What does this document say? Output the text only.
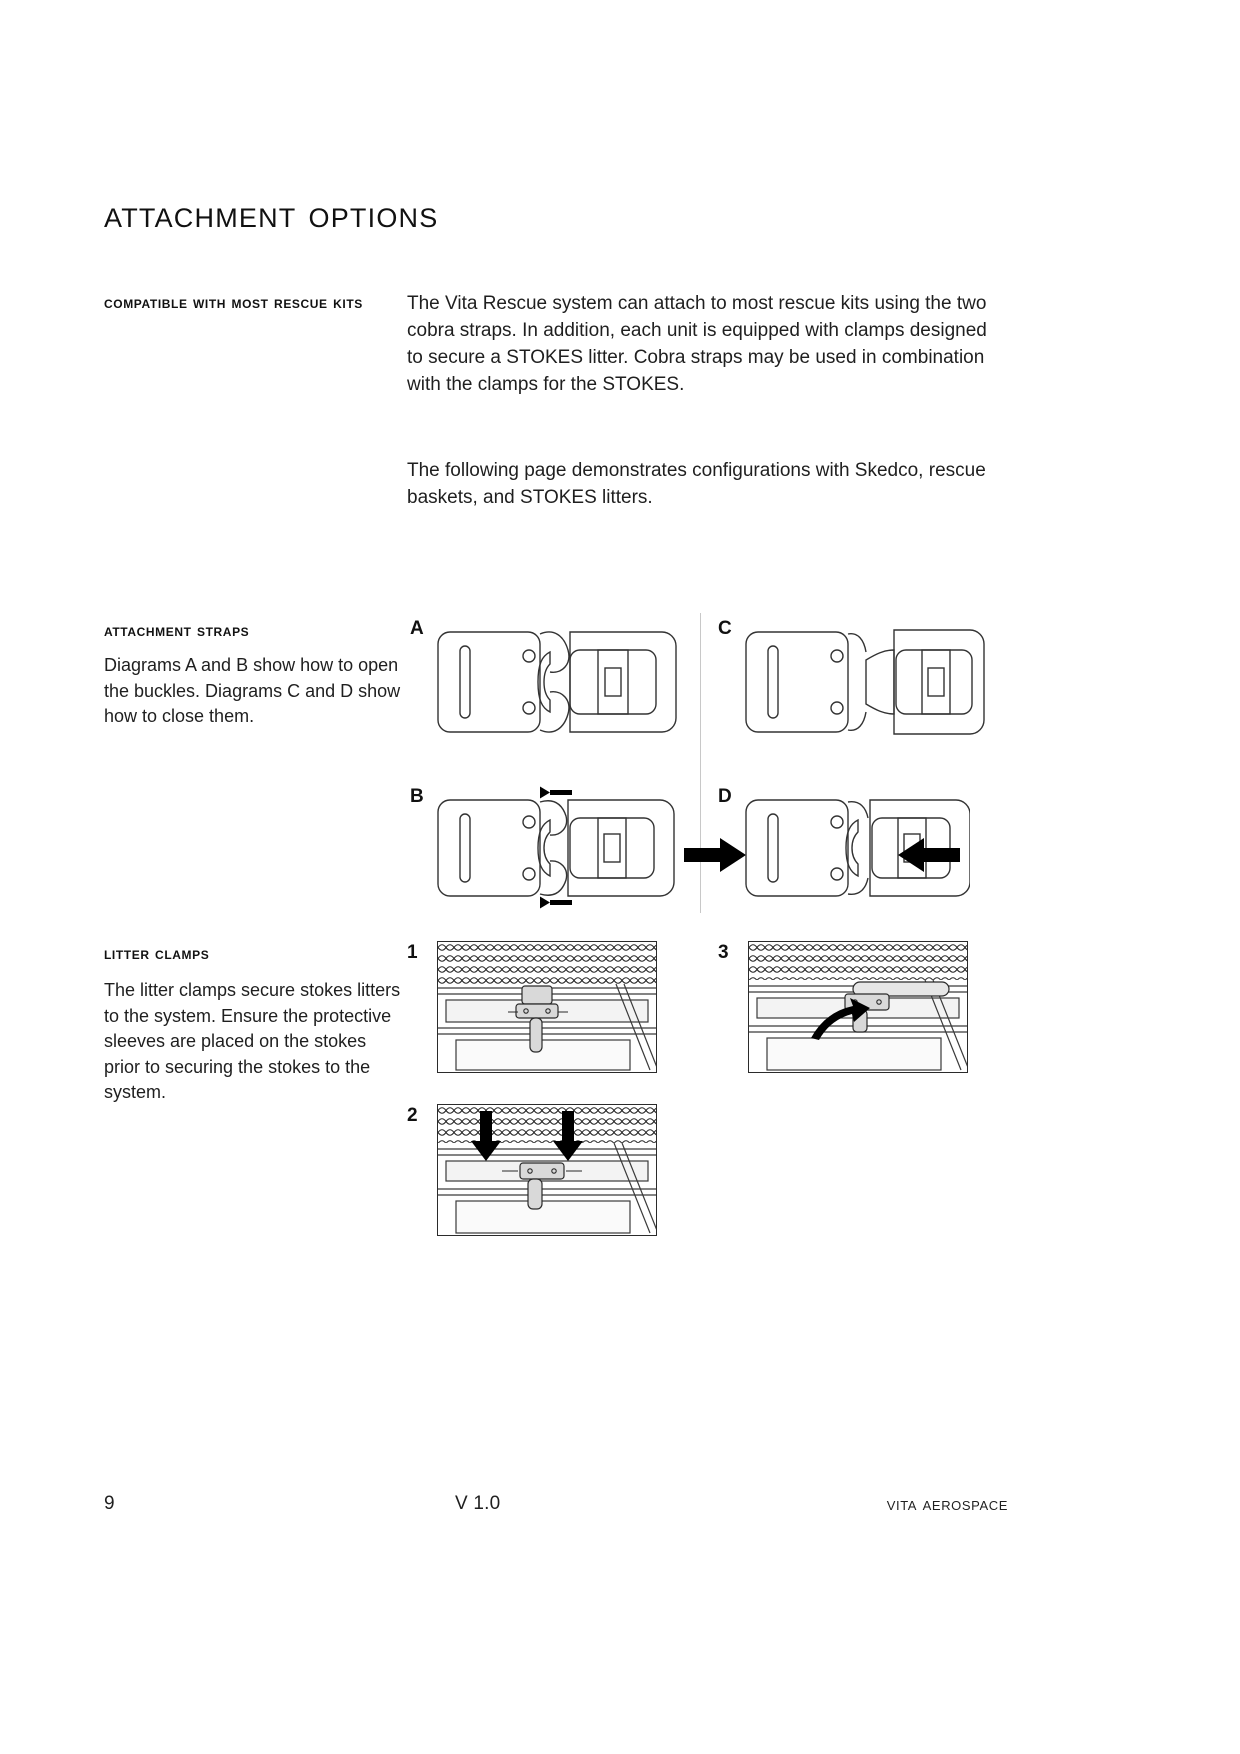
attachment options
compatible with most rescue kits	The Vita Rescue system can attach to most rescue kits using the two cobra straps. In addition, each unit is equipped with clamps designed to secure a STOKES litter. Cobra straps may be used in combination with the clamps for the STOKES.
The following page demonstrates configurations with Skedco, rescue baskets, and STOKES litters.
attachment straps
Diagrams A and B show how to open the buckles. Diagrams C and D show how to close them.
A	C
B	D
litter clamps
The litter clamps secure stokes litters to the system. Ensure the protective sleeves are placed on the stokes prior to securing the stokes to the system.
1	3
2
9	V 1.0	vita aerospace
